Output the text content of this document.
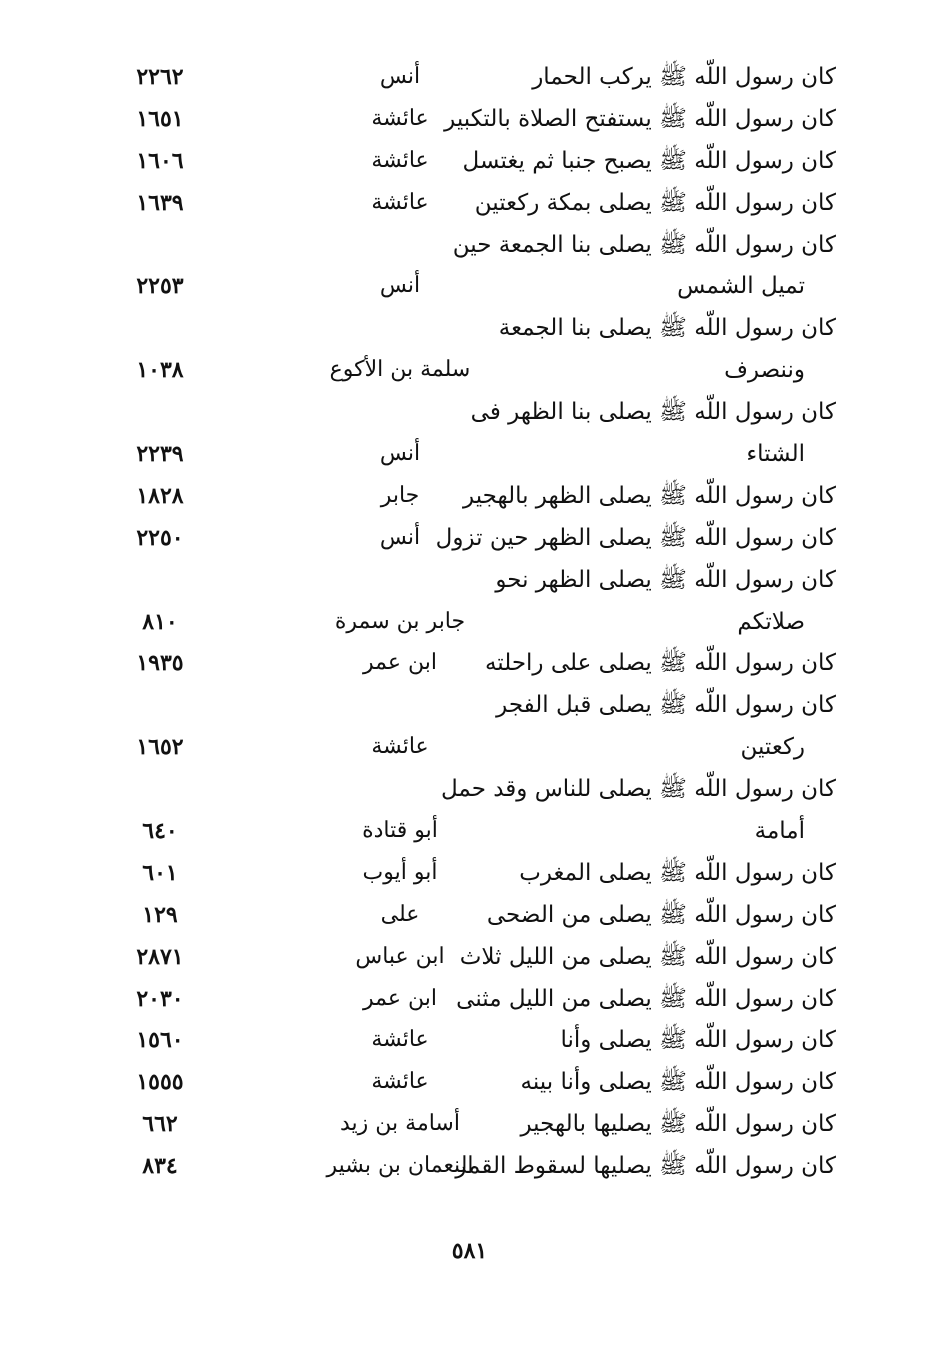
كان رسول اللّه ﷺ يركب الحمار
أنس
٢٢٦٢
كان رسول اللّه ﷺ يستفتح الصلاة بالتكبير
عائشة
١٦٥١
كان رسول اللّه ﷺ يصبح جنبا ثم يغتسل
عائشة
١٦٠٦
كان رسول اللّه ﷺ يصلى بمكة ركعتين
عائشة
١٦٣٩
كان رسول اللّه ﷺ يصلى بنا الجمعة حين
تميل الشمس
أنس
٢٢٥٣
كان رسول اللّه ﷺ يصلى بنا الجمعة
وننصرف
سلمة بن الأكوع
١٠٣٨
كان رسول اللّه ﷺ يصلى بنا الظهر فى
الشتاء
أنس
٢٢٣٩
كان رسول اللّه ﷺ يصلى الظهر بالهجير
جابر
١٨٢٨
كان رسول اللّه ﷺ يصلى الظهر حين تزول
أنس
٢٢٥٠
كان رسول اللّه ﷺ يصلى الظهر نحو
صلاتكم
جابر بن سمرة
٨١٠
كان رسول اللّه ﷺ يصلى على راحلته
ابن عمر
١٩٣٥
كان رسول اللّه ﷺ يصلى قبل الفجر
ركعتين
عائشة
١٦٥٢
كان رسول اللّه ﷺ يصلى للناس وقد حمل
أمامة
أبو قتادة
٦٤٠
كان رسول اللّه ﷺ يصلى المغرب
أبو أيوب
٦٠١
كان رسول اللّه ﷺ يصلى من الضحى
على
١٢٩
كان رسول اللّه ﷺ يصلى من الليل ثلاث
ابن عباس
٢٨٧١
كان رسول اللّه ﷺ يصلى من الليل مثنى
ابن عمر
٢٠٣٠
كان رسول اللّه ﷺ يصلى وأنا
عائشة
١٥٦٠
كان رسول اللّه ﷺ يصلى وأنا بينه
عائشة
١٥٥٥
كان رسول اللّه ﷺ يصليها بالهجير
أسامة بن زيد
٦٦٢
كان رسول اللّه ﷺ يصليها لسقوط القمر
النعمان بن بشير
٨٣٤
٥٨١
